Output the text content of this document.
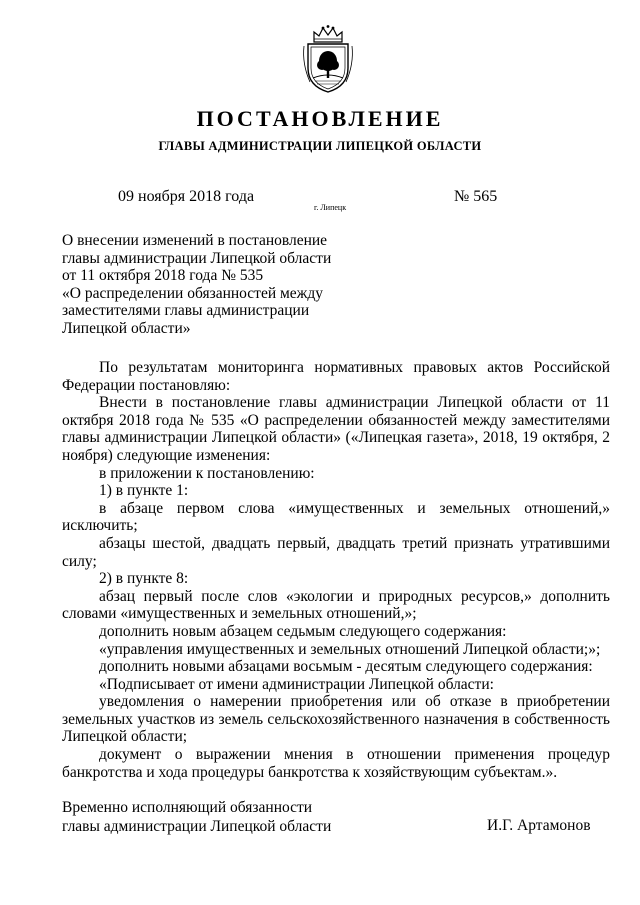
ПОСТАНОВЛЕНИЕ
ГЛАВЫ АДМИНИСТРАЦИИ ЛИПЕЦКОЙ ОБЛАСТИ
09 ноября 2018 года
г. Липецк
№ 565
О внесении изменений в постановление
главы администрации Липецкой области
от 11 октября 2018 года № 535
«О распределении обязанностей между
заместителями главы администрации
Липецкой области»
По результатам мониторинга нормативных правовых актов Российской Федерации постановляю:
Внести в постановление главы администрации Липецкой области от 11 октября 2018 года № 535 «О распределении обязанностей между заместителями главы администрации Липецкой области» («Липецкая газета», 2018, 19 октября, 2 ноября) следующие изменения:
в приложении к постановлению:
1) в пункте 1:
в абзаце первом слова «имущественных и земельных отношений,» исключить;
абзацы шестой, двадцать первый, двадцать третий признать утратившими силу;
2) в пункте 8:
абзац первый после слов «экологии и природных ресурсов,» дополнить словами «имущественных и земельных отношений,»;
дополнить новым абзацем седьмым следующего содержания:
«управления имущественных и земельных отношений Липецкой области;»;
дополнить новыми абзацами восьмым - десятым следующего содержания:
«Подписывает от имени администрации Липецкой области:
уведомления о намерении приобретения или об отказе в приобретении земельных участков из земель сельскохозяйственного назначения в собственность Липецкой области;
документ о выражении мнения в отношении применения процедур банкротства и хода процедуры банкротства к хозяйствующим субъектам.».
Временно исполняющий обязанности
главы администрации Липецкой области	И.Г. Артамонов
